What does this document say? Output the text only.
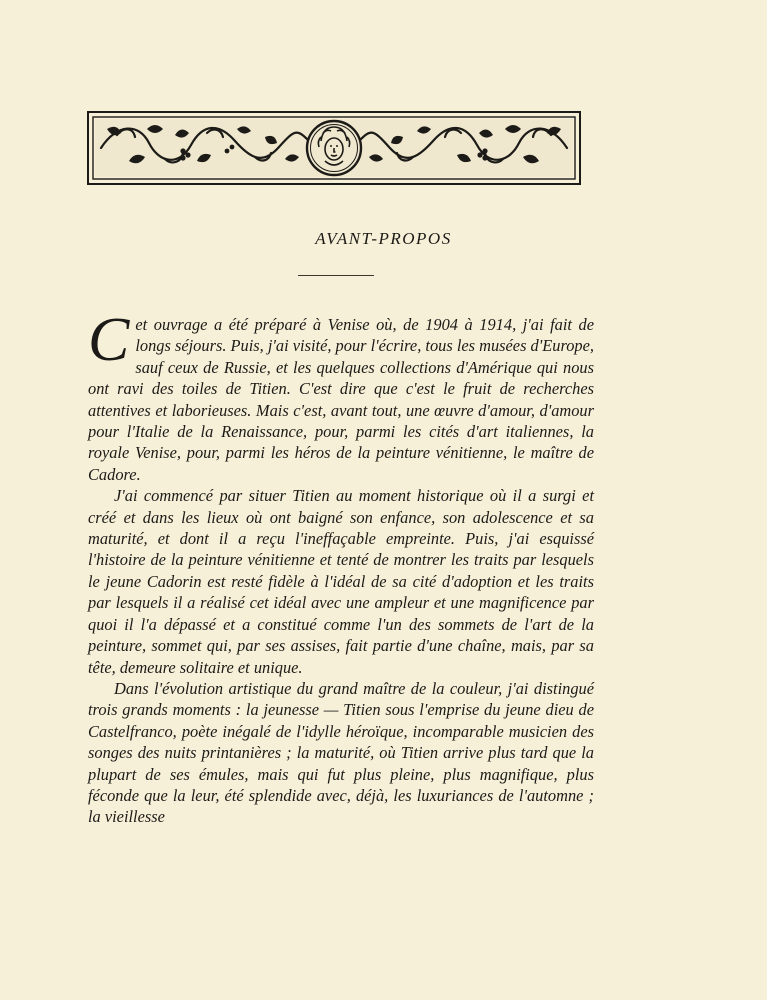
AVANT-PROPOS

Cet ouvrage a été préparé à Venise où, de 1904 à 1914, j'ai fait de longs séjours. Puis, j'ai visité, pour l'écrire, tous les musées d'Europe, sauf ceux de Russie, et les quelques collections d'Amérique qui nous ont ravi des toiles de Titien. C'est dire que c'est le fruit de recherches attentives et laborieuses. Mais c'est, avant tout, une œuvre d'amour, d'amour pour l'Italie de la Renaissance, pour, parmi les cités d'art italiennes, la royale Venise, pour, parmi les héros de la peinture vénitienne, le maître de Cadore.

J'ai commencé par situer Titien au moment historique où il a surgi et créé et dans les lieux où ont baigné son enfance, son adolescence et sa maturité, et dont il a reçu l'ineffaçable empreinte. Puis, j'ai esquissé l'histoire de la peinture vénitienne et tenté de montrer les traits par lesquels le jeune Cadorin est resté fidèle à l'idéal de sa cité d'adoption et les traits par lesquels il a réalisé cet idéal avec une ampleur et une magnificence par quoi il l'a dépassé et a constitué comme l'un des sommets de l'art de la peinture, sommet qui, par ses assises, fait partie d'une chaîne, mais, par sa tête, demeure solitaire et unique.

Dans l'évolution artistique du grand maître de la couleur, j'ai distingué trois grands moments : la jeunesse — Titien sous l'emprise du jeune dieu de Castelfranco, poète inégalé de l'idylle héroïque, incomparable musicien des songes des nuits printanières ; la maturité, où Titien arrive plus tard que la plupart de ses émules, mais qui fut plus pleine, plus magnifique, plus féconde que la leur, été splendide avec, déjà, les luxuriances de l'automne ; la vieillesse
